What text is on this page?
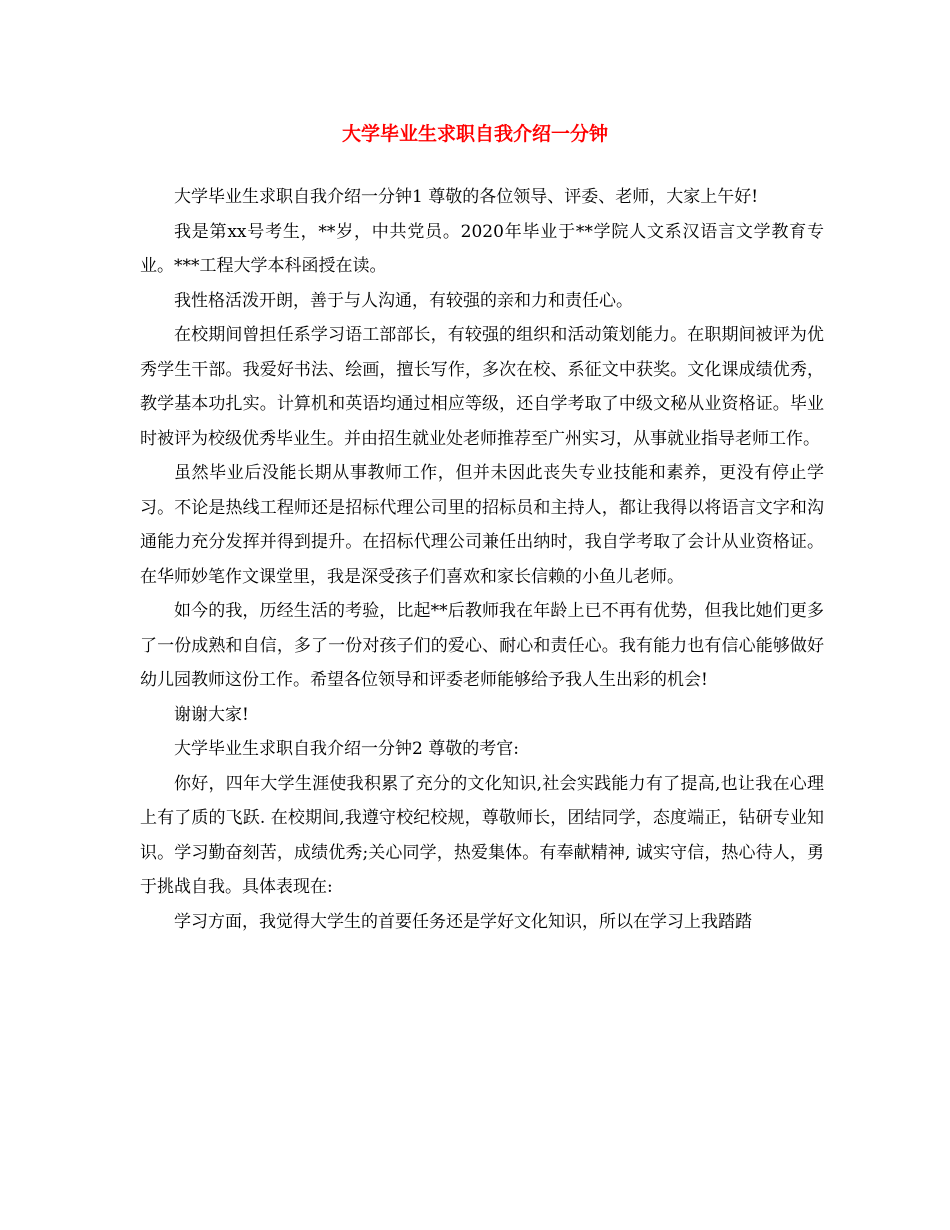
大学毕业生求职自我介绍一分钟

大学毕业生求职自我介绍一分钟1 尊敬的各位领导、评委、老师，大家上午好!

我是第xx号考生，**岁，中共党员。2020年毕业于**学院人文系汉语言文学教育专业。***工程大学本科函授在读。

我性格活泼开朗，善于与人沟通，有较强的亲和力和责任心。

在校期间曾担任系学习语工部部长，有较强的组织和活动策划能力。在职期间被评为优秀学生干部。我爱好书法、绘画，擅长写作，多次在校、系征文中获奖。文化课成绩优秀，教学基本功扎实。计算机和英语均通过相应等级，还自学考取了中级文秘从业资格证。毕业时被评为校级优秀毕业生。并由招生就业处老师推荐至广州实习，从事就业指导老师工作。

虽然毕业后没能长期从事教师工作，但并未因此丧失专业技能和素养，更没有停止学习。不论是热线工程师还是招标代理公司里的招标员和主持人，都让我得以将语言文字和沟通能力充分发挥并得到提升。在招标代理公司兼任出纳时，我自学考取了会计从业资格证。在华师妙笔作文课堂里，我是深受孩子们喜欢和家长信赖的小鱼儿老师。

如今的我，历经生活的考验，比起**后教师我在年龄上已不再有优势，但我比她们更多了一份成熟和自信，多了一份对孩子们的爱心、耐心和责任心。我有能力也有信心能够做好幼儿园教师这份工作。希望各位领导和评委老师能够给予我人生出彩的机会!

谢谢大家!

大学毕业生求职自我介绍一分钟2 尊敬的考官:

你好，四年大学生涯使我积累了充分的文化知识,社会实践能力有了提高,也让我在心理上有了质的飞跃. 在校期间,我遵守校纪校规，尊敬师长，团结同学，态度端正，钻研专业知识。学习勤奋刻苦，成绩优秀;关心同学，热爱集体。有奉献精神, 诚实守信，热心待人，勇于挑战自我。具体表现在:

学习方面，我觉得大学生的首要任务还是学好文化知识，所以在学习上我踏踏
